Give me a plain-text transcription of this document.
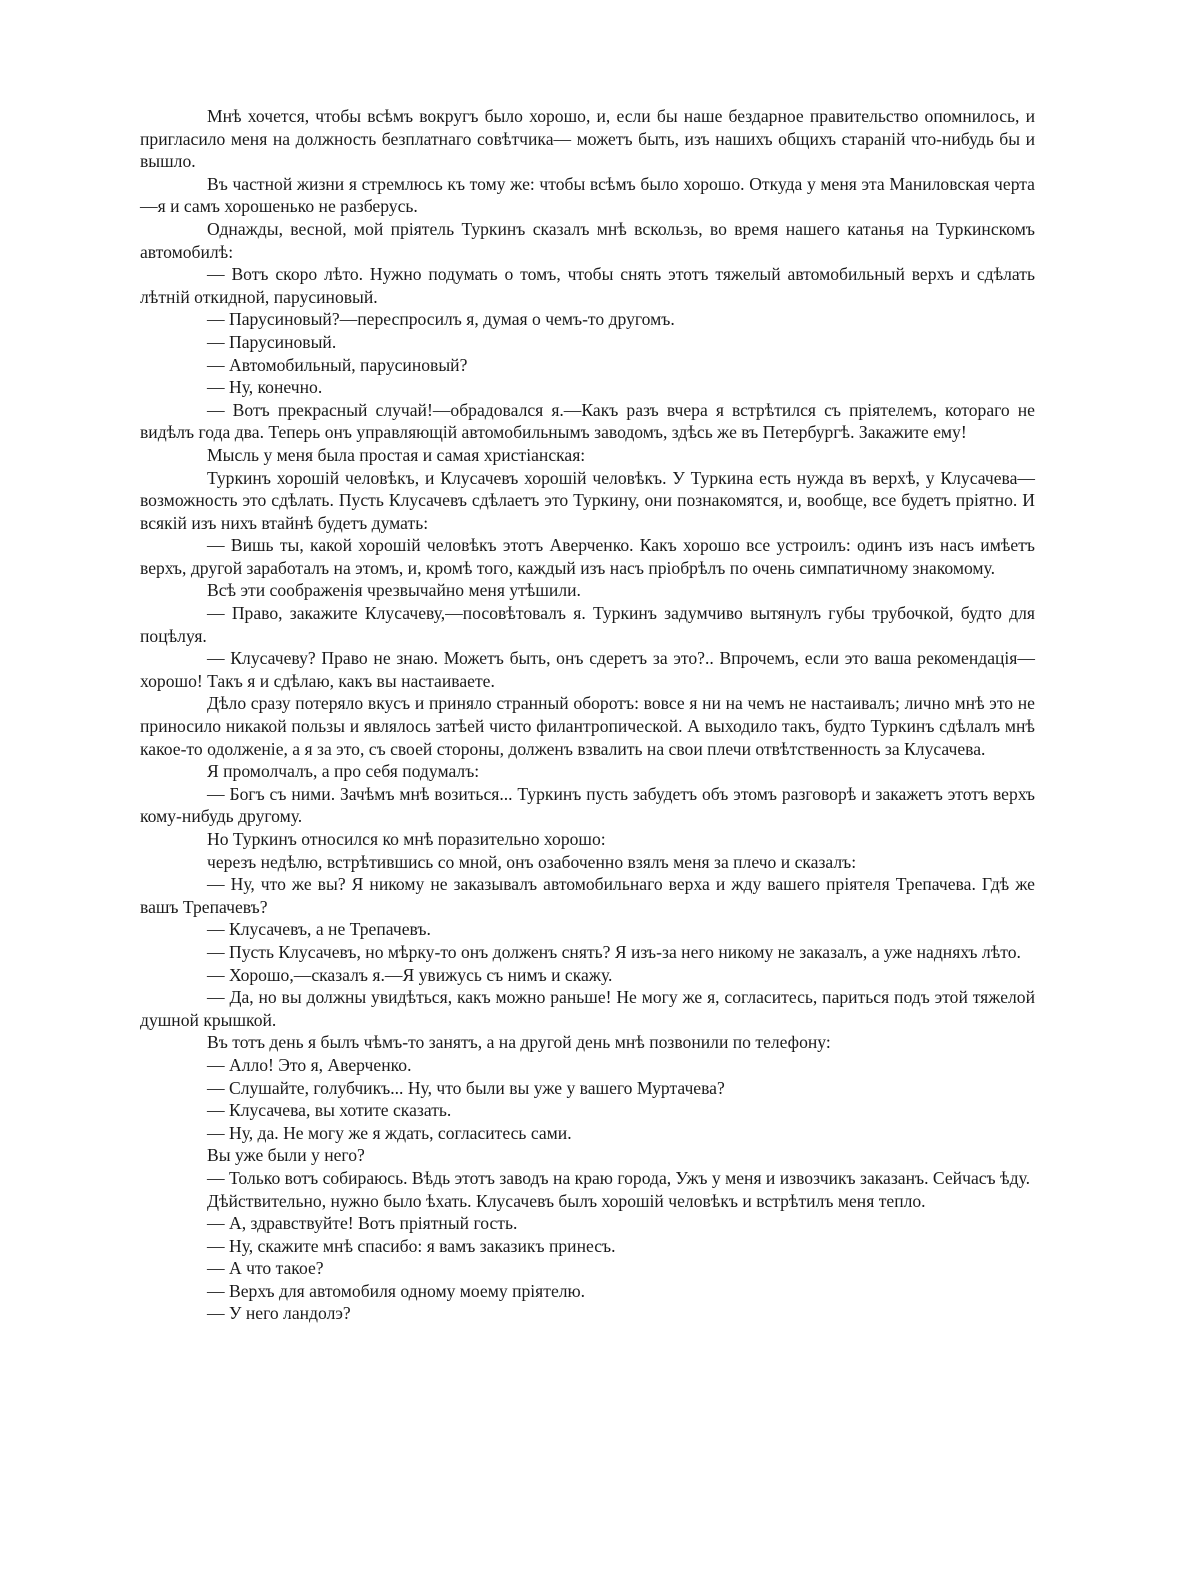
Мнѣ хочется, чтобы всѣмъ вокругъ было хорошо, и, если бы наше бездарное правительство опомнилось, и пригласило меня на должность безплатнаго совѣтчика— можетъ быть, изъ нашихъ общихъ стараній что-нибудь бы и вышло.

Въ частной жизни я стремлюсь къ тому же: чтобы всѣмъ было хорошо. Откуда у меня эта Маниловская черта—я и самъ хорошенько не разберусь.

Однажды, весной, мой пріятель Туркинъ сказалъ мнѣ вскользь, во время нашего катанья на Туркинскомъ автомобилѣ:

— Вотъ скоро лѣто. Нужно подумать о томъ, чтобы снять этотъ тяжелый автомобильный верхъ и сдѣлать лѣтній откидной, парусиновый.

— Парусиновый?—переспросилъ я, думая о чемъ-то другомъ.

— Парусиновый.

— Автомобильный, парусиновый?

— Ну, конечно.

— Вотъ прекрасный случай!—обрадовался я.—Какъ разъ вчера я встрѣтился съ пріятелемъ, котораго не видѣлъ года два. Теперь онъ управляющій автомобильнымъ заводомъ, здѣсь же въ Петербургѣ. Закажите ему!

Мысль у меня была простая и самая христіанская:

Туркинъ хорошій человѣкъ, и Клусачевъ хорошій человѣкъ. У Туркина есть нужда въ верхѣ, у Клусачева— возможность это сдѣлать. Пусть Клусачевъ сдѣлаетъ это Туркину, они познакомятся, и, вообще, все будетъ пріятно. И всякій изъ нихъ втайнѣ будетъ думать:

— Вишь ты, какой хорошій человѣкъ этотъ Аверченко. Какъ хорошо все устроилъ: одинъ изъ насъ имѣетъ верхъ, другой заработалъ на этомъ, и, кромѣ того, каждый изъ насъ пріобрѣлъ по очень симпатичному знакомому.

Всѣ эти соображенія чрезвычайно меня утѣшили.

— Право, закажите Клусачеву,—посовѣтовалъ я. Туркинъ задумчиво вытянулъ губы трубочкой, будто для поцѣлуя.

— Клусачеву? Право не знаю. Можетъ быть, онъ сдеретъ за это?.. Впрочемъ, если это ваша рекомендація— хорошо! Такъ я и сдѣлаю, какъ вы настаиваете.

Дѣло сразу потеряло вкусъ и приняло странный оборотъ: вовсе я ни на чемъ не настаивалъ; лично мнѣ это не приносило никакой пользы и являлось затѣей чисто филантропической. А выходило такъ, будто Туркинъ сдѣлалъ мнѣ какое-то одолженіе, а я за это, съ своей стороны, долженъ взвалить на свои плечи отвѣтственность за Клусачева.

Я промолчалъ, а про себя подумалъ:

— Богъ съ ними. Зачѣмъ мнѣ возиться... Туркинъ пусть забудетъ объ этомъ разговорѣ и закажетъ этотъ верхъ кому-нибудь другому.

Но Туркинъ относился ко мнѣ поразительно хорошо:

черезъ недѣлю, встрѣтившись со мной, онъ озабоченно взялъ меня за плечо и сказалъ:

— Ну, что же вы? Я никому не заказывалъ автомобильнаго верха и жду вашего пріятеля Трепачева. Гдѣ же вашъ Трепачевъ?

— Клусачевъ, а не Трепачевъ.

— Пусть Клусачевъ, но мѣрку-то онъ долженъ снять? Я изъ-за него никому не заказалъ, а уже надняхъ лѣто.

— Хорошо,—сказалъ я.—Я увижусь съ нимъ и скажу.

— Да, но вы должны увидѣться, какъ можно раньше! Не могу же я, согласитесь, париться подъ этой тяжелой душной крышкой.

Въ тотъ день я былъ чѣмъ-то занятъ, а на другой день мнѣ позвонили по телефону:

— Алло! Это я, Аверченко.

— Слушайте, голубчикъ... Ну, что были вы уже у вашего Муртачева?

— Клусачева, вы хотите сказать.

— Ну, да. Не могу же я ждать, согласитесь сами.

Вы уже были у него?

— Только вотъ собираюсь. Вѣдь этотъ заводъ на краю города, Ужъ у меня и извозчикъ заказанъ. Сейчасъ ѣду.

Дѣйствительно, нужно было ѣхать. Клусачевъ былъ хорошій человѣкъ и встрѣтилъ меня тепло.

— А, здравствуйте! Вотъ пріятный гость.

— Ну, скажите мнѣ спасибо: я вамъ заказикъ принесъ.

— А что такое?

— Верхъ для автомобиля одному моему пріятелю.

— У него ландолэ?
